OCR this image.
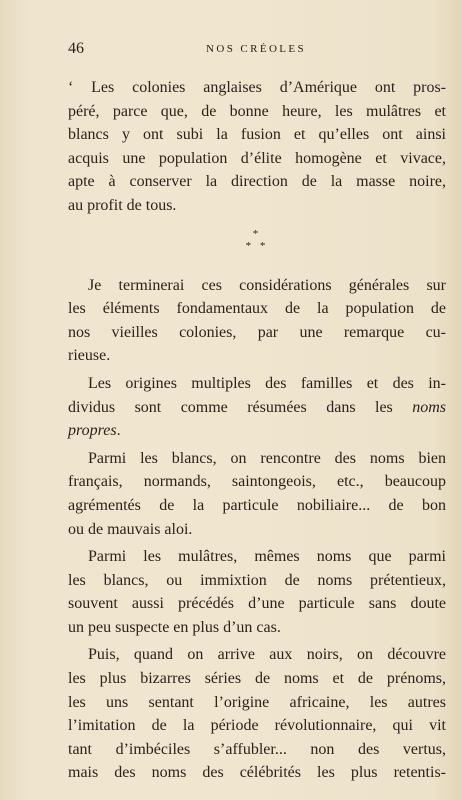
46	NOS CRÉOLES
‘ Les colonies anglaises d’Amérique ont pros-
péré, parce que, de bonne heure, les mulâtres et
blancs y ont subi la fusion et qu’elles ont ainsi
acquis une population d’élite homogène et vivace,
apte à conserver la direction de la masse noire,
au profit de tous.
*
* *
Je terminerai ces considérations générales sur
les éléments fondamentaux de la population de
nos vieilles colonies, par une remarque cu-
rieuse.
Les origines multiples des familles et des in-
dividus sont comme résumées dans les noms
propres.
Parmi les blancs, on rencontre des noms bien
français, normands, saintongeois, etc., beaucoup
agrémentés de la particule nobiliaire... de bon
ou de mauvais aloi.
Parmi les mulâtres, mêmes noms que parmi
les blancs, ou immixtion de noms prétentieux,
souvent aussi précédés d’une particule sans doute
un peu suspecte en plus d’un cas.
Puis, quand on arrive aux noirs, on découvre
les plus bizarres séries de noms et de prénoms,
les uns sentant l’origine africaine, les autres
l’imitation de la période révolutionnaire, qui vit
tant d’imbéciles s’affubler... non des vertus,
mais des noms des célébrités les plus retentis-
